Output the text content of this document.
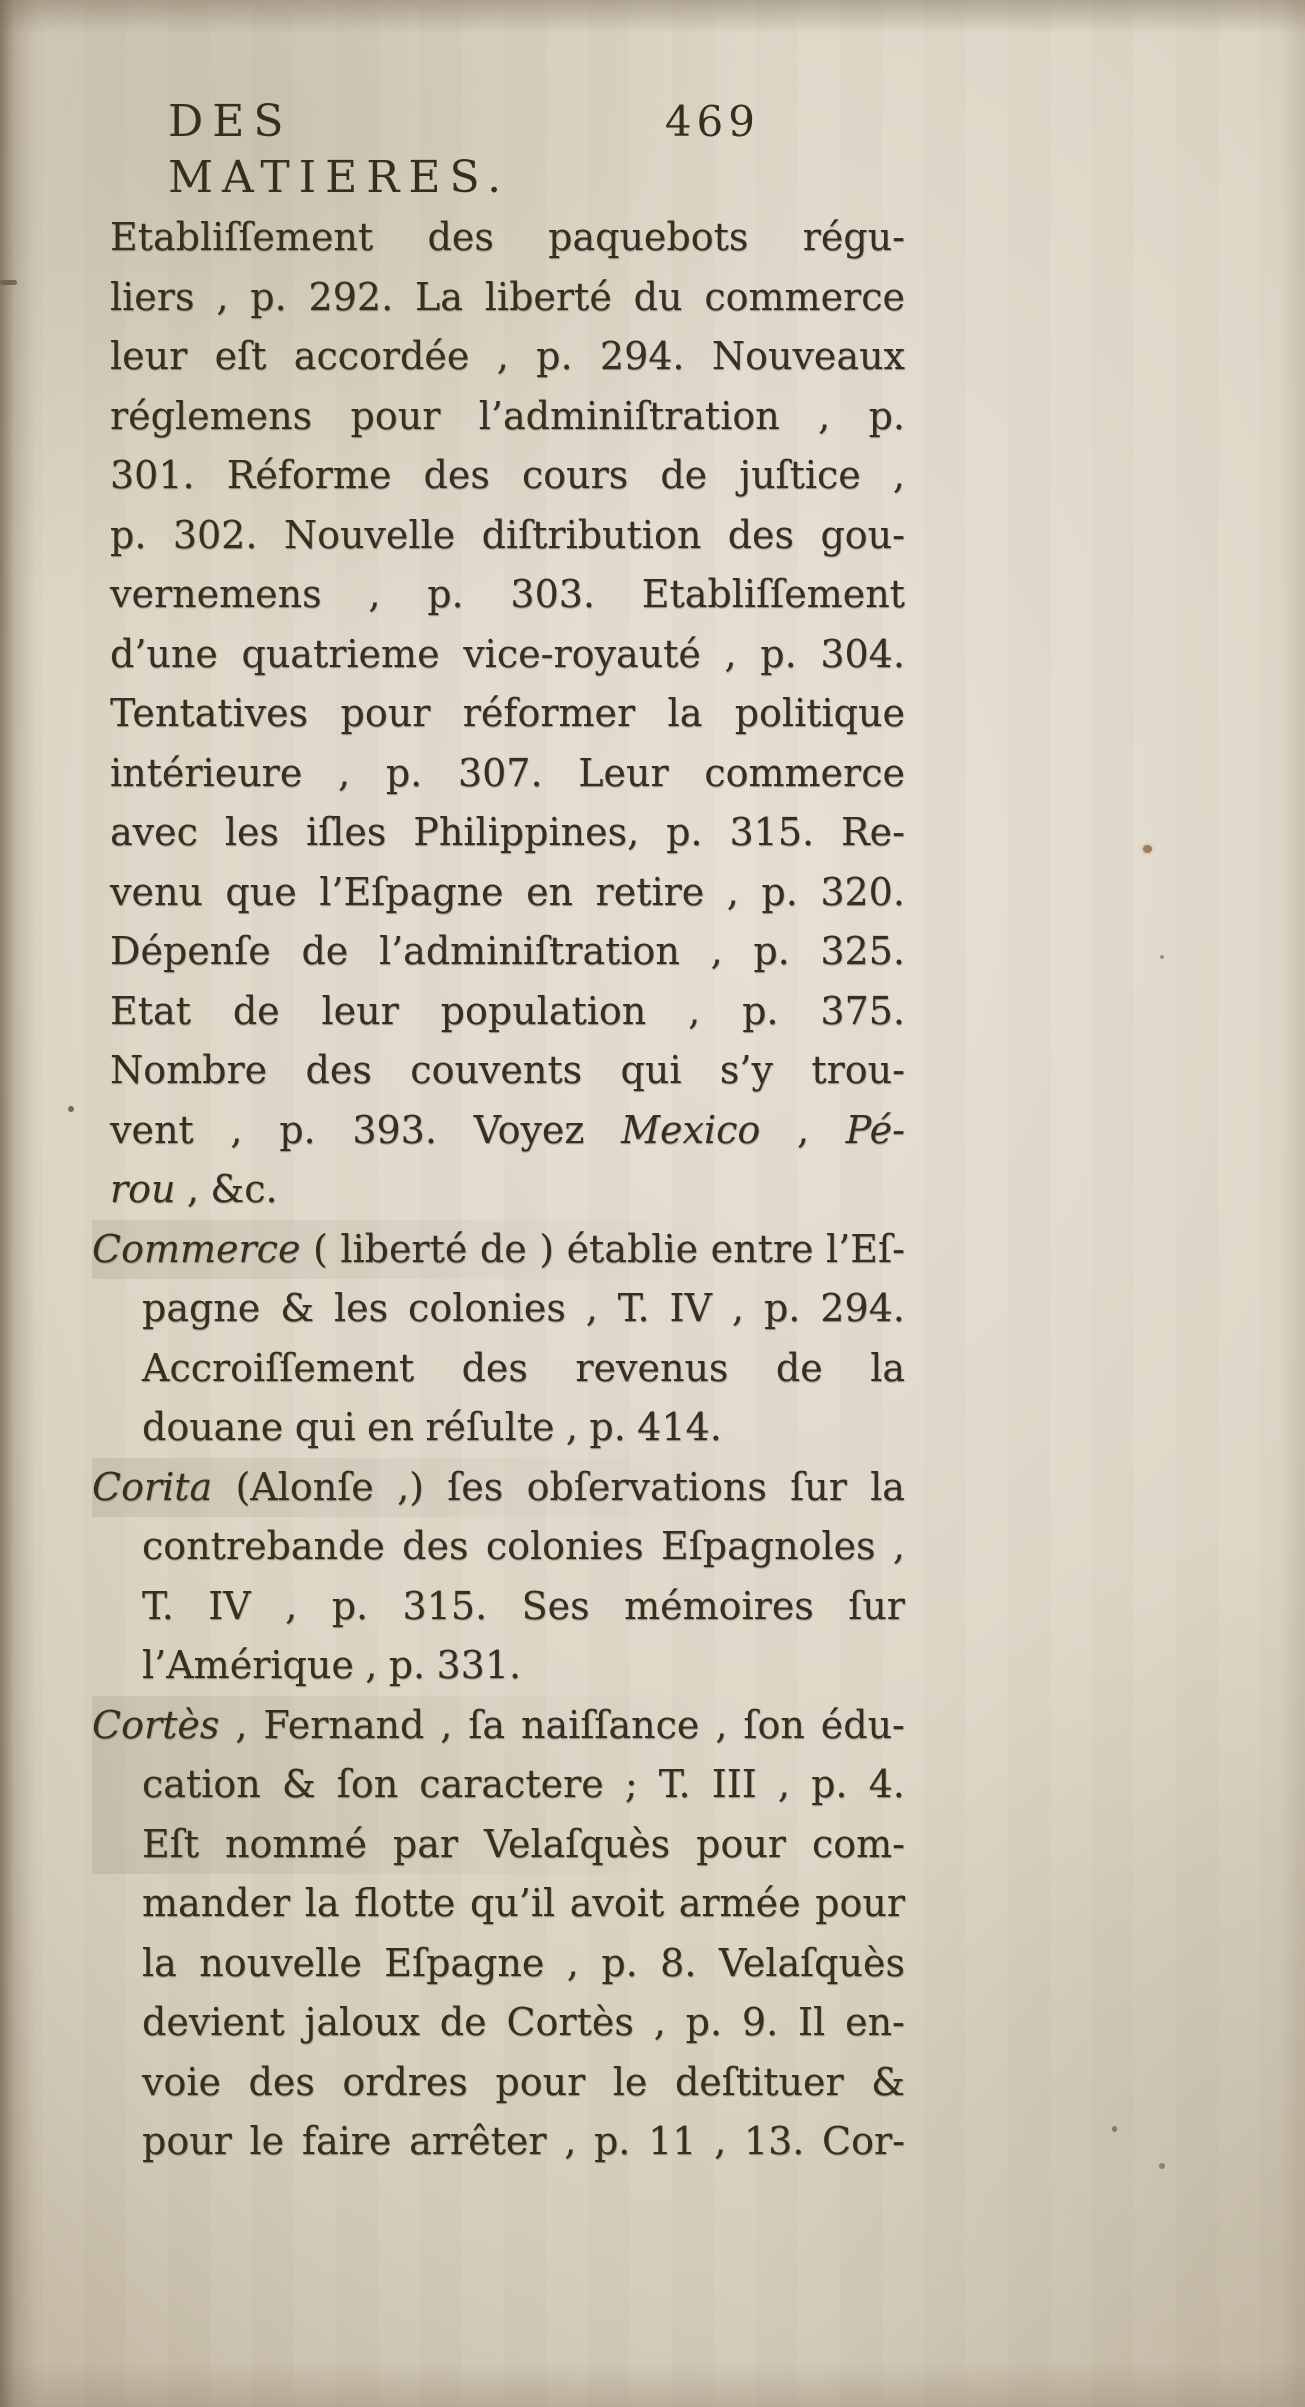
DES MATIERES.
469
Etabliſſement des paquebots régu-
liers , p. 292. La liberté du commerce
leur eſt accordée , p. 294. Nouveaux
réglemens pour l’adminiſtration , p.
301. Réforme des cours de juſtice ,
p. 302. Nouvelle diſtribution des gou-
vernemens , p. 303. Etabliſſement
d’une quatrieme vice-royauté , p. 304.
Tentatives pour réformer la politique
intérieure , p. 307. Leur commerce
avec les iſles Philippines, p. 315. Re-
venu que l’Eſpagne en retire , p. 320.
Dépenſe de l’adminiſtration , p. 325.
Etat de leur population , p. 375.
Nombre des couvents qui s’y trou-
vent , p. 393. Voyez Mexico , Pé-
rou , &c.
Commerce ( liberté de ) établie entre l’Eſ-
pagne & les colonies , T. IV , p. 294.
Accroiſſement des revenus de la
douane qui en réſulte , p. 414.
Corita (Alonſe ,) ſes obſervations ſur la
contrebande des colonies Eſpagnoles ,
T. IV , p. 315. Ses mémoires ſur
l’Amérique , p. 331.
Cortès , Fernand , ſa naiſſance , ſon édu-
cation & ſon caractere ; T. III , p. 4.
Eſt nommé par Velaſquès pour com-
mander la flotte qu’il avoit armée pour
la nouvelle Eſpagne , p. 8. Velaſquès
devient jaloux de Cortès , p. 9. Il en-
voie des ordres pour le deſtituer &
pour le faire arrêter , p. 11 , 13. Cor-
